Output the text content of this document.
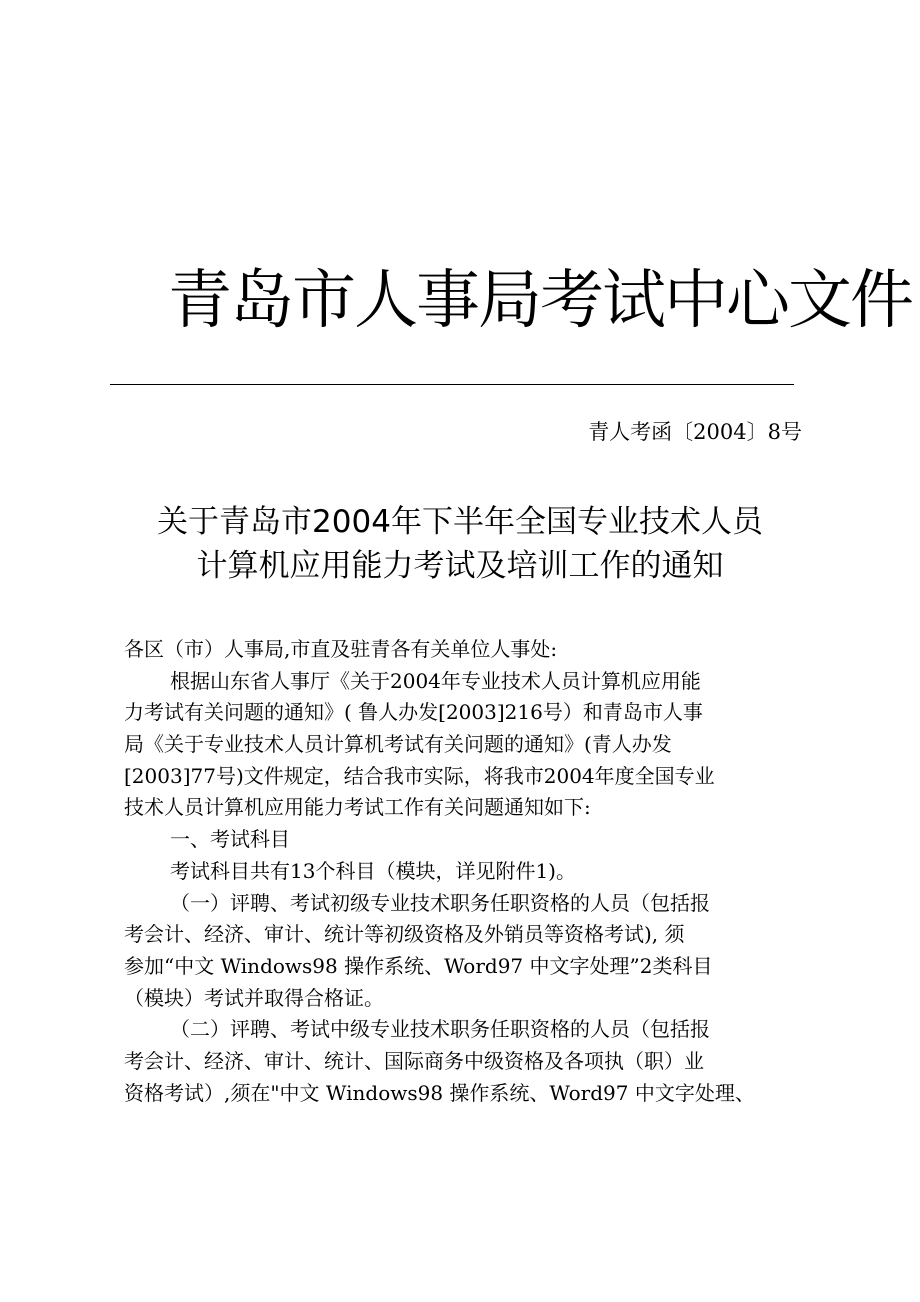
青岛市人事局考试中心文件
青人考函〔2004〕8号
关于青岛市2004年下半年全国专业技术人员
计算机应用能力考试及培训工作的通知
各区（市）人事局,市直及驻青各有关单位人事处:
根据山东省人事厅《关于2004年专业技术人员计算机应用能
力考试有关问题的通知》( 鲁人办发[2003]216号）和青岛市人事
局《关于专业技术人员计算机考试有关问题的通知》(青人办发
[2003]77号)文件规定，结合我市实际，将我市2004年度全国专业
技术人员计算机应用能力考试工作有关问题通知如下:
一、考试科目
考试科目共有13个科目（模块，详见附件1)。
（一）评聘、考试初级专业技术职务任职资格的人员（包括报
考会计、经济、审计、统计等初级资格及外销员等资格考试), 须
参加“中文 Windows98 操作系统、Word97 中文字处理”2类科目
（模块）考试并取得合格证。
（二）评聘、考试中级专业技术职务任职资格的人员（包括报
考会计、经济、审计、统计、国际商务中级资格及各项执（职）业
资格考试）,须在"中文 Windows98 操作系统、Word97 中文字处理、
